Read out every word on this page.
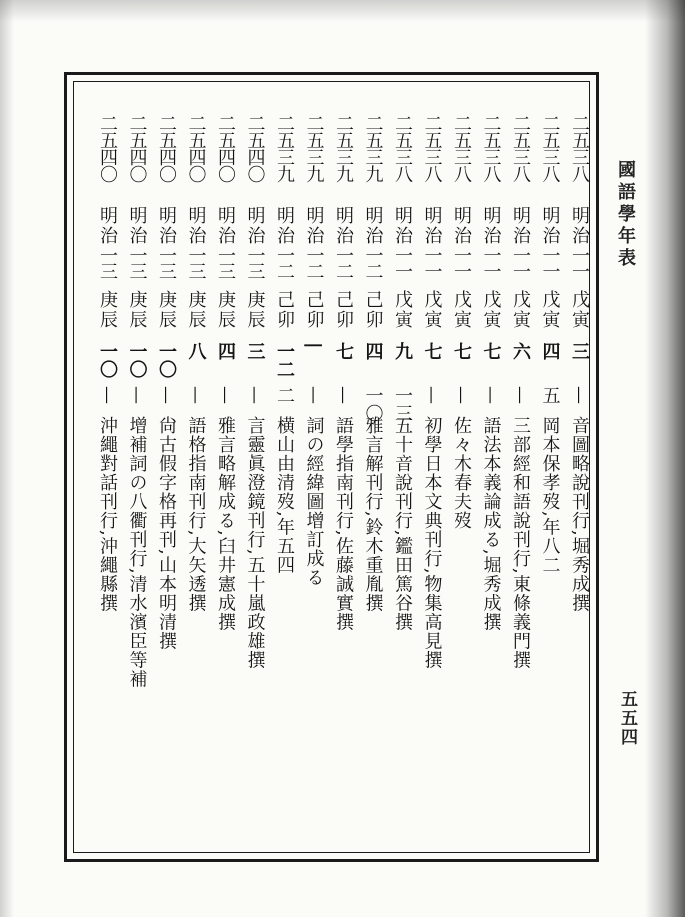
國語學年表
五五四
二五三八
明治
一一
戊寅
三
—
音圖略說刊行,堀秀成撰
二五三八
明治
一一
戊寅
四
五
岡本保孝歿,年八二
二五三八
明治
一一
戊寅
六
—
三部經和語說刊行,東條義門撰
二五三八
明治
一一
戊寅
七
—
語法本義論成る,堀秀成撰
二五三八
明治
一一
戊寅
七
—
佐々木春夫歿
二五三八
明治
一一
戊寅
七
—
初學日本文典刊行,物集高見撰
二五三八
明治
一一
戊寅
九
一三
五十音說刊行,鑑田篤谷撰
二五三九
明治
一二
己卯
四
一〇
雅言解刊行,鈴木重胤撰
二五三九
明治
一二
己卯
七
—
語學指南刊行,佐藤誠實撰
二五三九
明治
一二
己卯
|
—
詞の經緯圖增訂成る
二五三九
明治
一二
己卯
一二
二
横山由清歿,年五四
二五四〇
明治
一三
庚辰
三
—
言靈眞澄鏡刊行,五十嵐政雄撰
二五四〇
明治
一三
庚辰
四
—
雅言略解成る,臼井憲成撰
二五四〇
明治
一三
庚辰
八
—
語格指南刊行,大矢透撰
二五四〇
明治
一三
庚辰
一〇
—
尙古假字格再刊,山本明清撰
二五四〇
明治
一三
庚辰
一〇
—
增補詞の八衢刊行,清水濱臣等補
二五四〇
明治
一三
庚辰
一〇
—
沖繩對話刊行,沖繩縣撰
